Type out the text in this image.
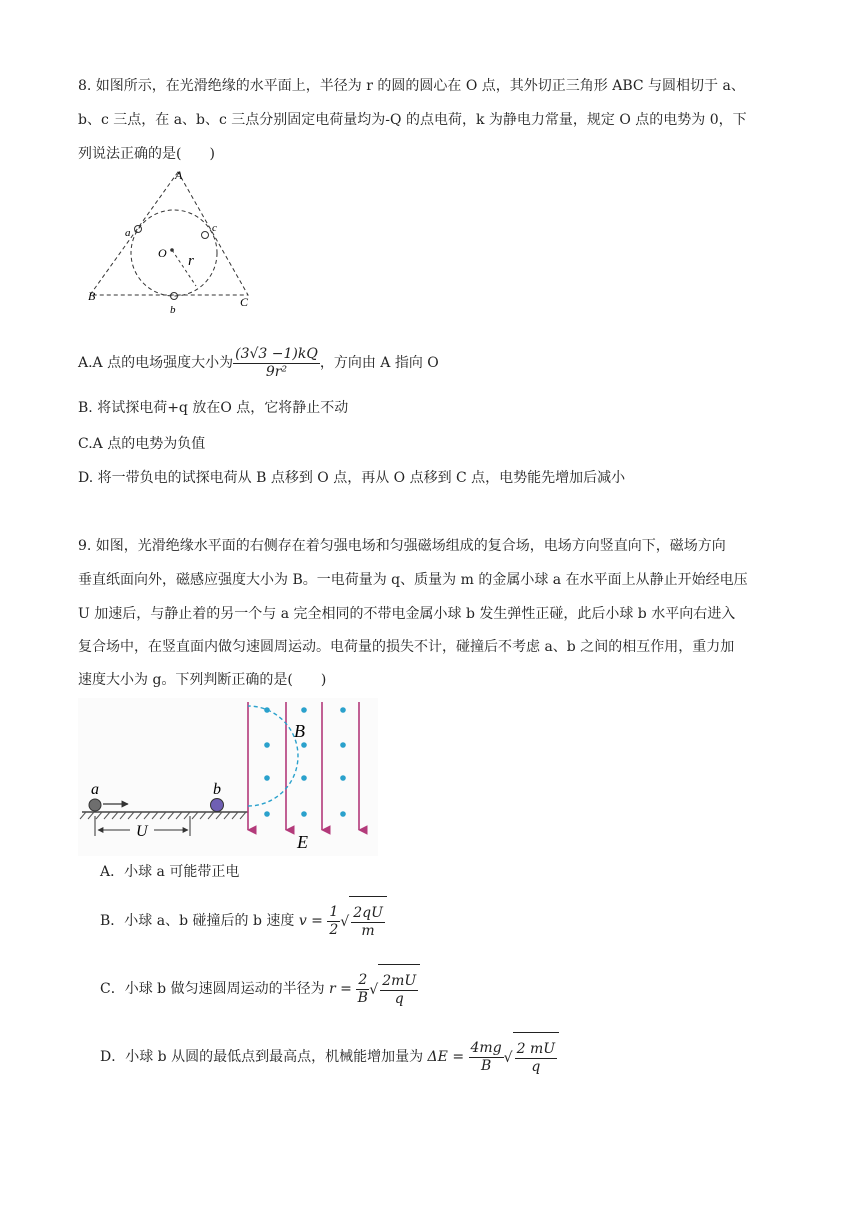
8. 如图所示，在光滑绝缘的水平面上，半径为 r 的圆的圆心在 O 点，其外切正三角形 ABC 与圆相切于 a、
b、c 三点，在 a、b、c 三点分别固定电荷量均为-Q 的点电荷，k 为静电力常量，规定 O 点的电势为 0，下
列说法正确的是(　　)
A
B	C
a	c
b
O r
A.A 点的电场强度大小为 $\frac{(3√3 -1)kQ}{\text{9r²}}$ ，方向由 A 指向 O
B. 将试探电荷+q 放在O 点，它将静止不动
C.A 点的电势为负值
D. 将一带负电的试探电荷从 B 点移到 O 点，再从 O 点移到 C 点，电势能先增加后减小
9. 如图，光滑绝缘水平面的右侧存在着匀强电场和匀强磁场组成的复合场，电场方向竖直向下，磁场方向
垂直纸面向外，磁感应强度大小为 B。一电荷量为 q、质量为 m 的金属小球 a 在水平面上从静止开始经电压
U 加速后，与静止着的另一个与 a 完全相同的不带电金属小球 b 发生弹性正碰，此后小球 b 水平向右进入
复合场中，在竖直面内做匀速圆周运动。电荷量的损失不计，碰撞后不考虑 a、b 之间的相互作用，重力加
速度大小为 g。下列判断正确的是(　　)
a	b
U
B
E
A．小球 a 可能带正电
B．小球 a、b 碰撞后的 b 速度 $v = \frac{1}{2}$ √ $\frac{2qU}{m}$
C．小球 b 做匀速圆周运动的半径为 $r = \frac{2}{B}$ √ $\frac{2mU}{q}$
D．小球 b 从圆的最低点到最高点，机械能增加量为 $\Delta E = \frac{4mg}{B}$ √ $\frac{2 mU}{q}$
